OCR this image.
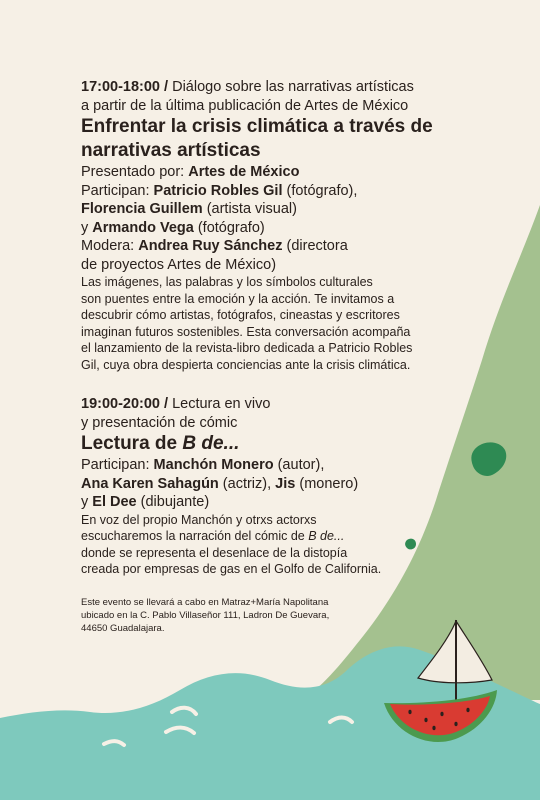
17:00-18:00 / Diálogo sobre las narrativas artísticas
a partir de la última publicación de Artes de México
Enfrentar la crisis climática a través de
narrativas artísticas
Presentado por: Artes de México
Participan: Patricio Robles Gil (fotógrafo),
Florencia Guillem (artista visual)
y Armando Vega (fotógrafo)
Modera: Andrea Ruy Sánchez (directora
de proyectos Artes de México)
Las imágenes, las palabras y los símbolos culturales
son puentes entre la emoción y la acción. Te invitamos a
descubrir cómo artistas, fotógrafos, cineastas y escritores
imaginan futuros sostenibles. Esta conversación acompaña
el lanzamiento de la revista-libro dedicada a Patricio Robles
Gil, cuya obra despierta conciencias ante la crisis climática.
19:00-20:00 / Lectura en vivo
y presentación de cómic
Lectura de B de...
Participan: Manchón Monero (autor),
Ana Karen Sahagún (actriz), Jis (monero)
y El Dee (dibujante)
En voz del propio Manchón y otrxs actorxs
escucharemos la narración del cómic de B de...
donde se representa el desenlace de la distopía
creada por empresas de gas en el Golfo de California.
Este evento se llevará a cabo en Matraz+María Napolitana
ubicado en la C. Pablo Villaseñor 111, Ladron De Guevara,
44650 Guadalajara.
